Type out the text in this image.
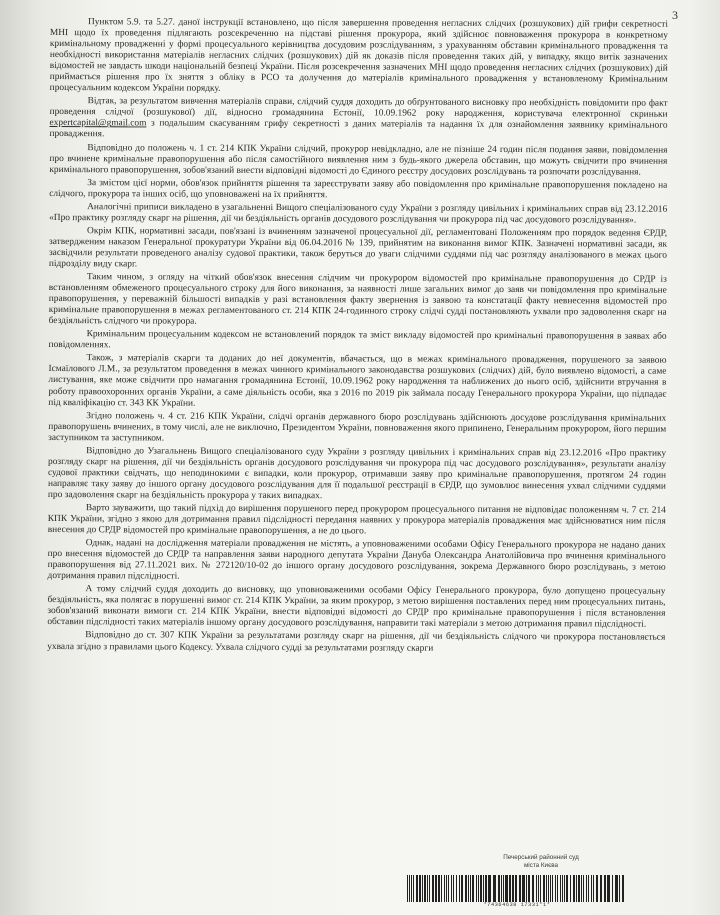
3

Пунктом 5.9. та 5.27. даної інструкції встановлено, що після завершення проведення негласних слідчих (розшукових) дій грифи секретності МНІ щодо їх проведення підлягають розсекреченню на підставі рішення прокурора, який здійснює повноваження прокурора в конкретному кримінальному провадженні у формі процесуального керівництва досудовим розслідуванням, з урахуванням обставин кримінального провадження та необхідності використання матеріалів негласних слідчих (розшукових) дій як доказів після проведення таких дій, у випадку, якщо витік зазначених відомостей не завдасть шкоди національній безпеці України. Після розсекречення зазначених МНІ щодо проведення негласних слідчих (розшукових) дій приймається рішення про їх зняття з обліку в РСО та долучення до матеріалів кримінального провадження у встановленому Кримінальним процесуальним кодексом України порядку.

Відтак, за результатом вивчення матеріалів справи, слідчий суддя доходить до обґрунтованого висновку про необхідність повідомити про факт проведення слідчої (розшукової) дії, відносно громадянина Естонії, 10.09.1962 року народження, користувача електронної скриньки expertcapital@gmail.com з подальшим скасуванням грифу секретності з даних матеріалів та надання їх для ознайомлення заявнику кримінального провадження.

Відповідно до положень ч. 1 ст. 214 КПК України слідчий, прокурор невідкладно, але не пізніше 24 годин після подання заяви, повідомлення про вчинене кримінальне правопорушення або після самостійного виявлення ним з будь-якого джерела обставин, що можуть свідчити про вчинення кримінального правопорушення, зобов'язаний внести відповідні відомості до Єдиного реєстру досудових розслідувань та розпочати розслідування.

За змістом цієї норми, обов'язок прийняття рішення та зареєструвати заяву або повідомлення про кримінальне правопорушення покладено на слідчого, прокурора та інших осіб, що уповноважені на їх прийняття.

Аналогічні приписи викладено в узагальненні Вищого спеціалізованого суду України з розгляду цивільних і кримінальних справ від 23.12.2016 «Про практику розгляду скарг на рішення, дії чи бездіяльність органів досудового розслідування чи прокурора під час досудового розслідування».

Окрім КПК, нормативні засади, пов'язані із вчиненням зазначеної процесуальної дії, регламентовані Положенням про порядок ведення ЄРДР, затвердженим наказом Генеральної прокуратури України від 06.04.2016 № 139, прийнятим на виконання вимог КПК. Зазначені нормативні засади, як засвідчили результати проведеного аналізу судової практики, також беруться до уваги слідчими суддями під час розгляду аналізованого в межах цього підрозділу виду скарг.

Таким чином, з огляду на чіткий обов'язок внесення слідчим чи прокурором відомостей про кримінальне правопорушення до СРДР із встановленням обмеженого процесуального строку для його виконання, за наявності лише загальних вимог до заяв чи повідомлення про кримінальне правопорушення, у переважній більшості випадків у разі встановлення факту звернення із заявою та констатації факту невнесення відомостей про кримінальне правопорушення в межах регламентованого ст. 214 КПК 24-годинного строку слідчі судді постановляють ухвали про задоволення скарг на бездіяльність слідчого чи прокурора.

Кримінальним процесуальним кодексом не встановлений порядок та зміст викладу відомостей про кримінальні правопорушення в заявах або повідомленнях.

Також, з матеріалів скарги та доданих до неї документів, вбачається, що в межах кримінального провадження, порушеного за заявою Ісмаїлового Л.М., за результатом проведення в межах чинного кримінального законодавства розшукових (слідчих) дій, було виявлено відомості, а саме листування, яке може свідчити про намагання громадянина Естонії, 10.09.1962 року народження та наближених до нього осіб, здійснити втручання в роботу правоохоронних органів України, а саме діяльність особи, яка з 2016 по 2019 рік займала посаду Генерального прокурора України, що підпадає під кваліфікацію ст. 343 КК України.

Згідно положень ч. 4 ст. 216 КПК України, слідчі органів державного бюро розслідувань здійснюють досудове розслідування кримінальних правопорушень вчинених, в тому числі, але не виключно, Президентом України, повноваження якого припинено, Генеральним прокурором, його першим заступником та заступником.

Відповідно до Узагальнень Вищого спеціалізованого суду України з розгляду цивільних і кримінальних справ від 23.12.2016 «Про практику розгляду скарг на рішення, дії чи бездіяльність органів досудового розслідування чи прокурора під час досудового розслідування», результати аналізу судової практики свідчать, що неподинокими є випадки, коли прокурор, отримавши заяву про кримінальне правопорушення, протягом 24 годин направляє таку заяву до іншого органу досудового розслідування для її подальшої реєстрації в ЄРДР, що зумовлює винесення ухвал слідчими суддями про задоволення скарг на бездіяльність прокурора у таких випадках.

Варто зауважити, що такий підхід до вирішення порушеного перед прокурором процесуального питання не відповідає положенням ч. 7 ст. 214 КПК України, згідно з якою для дотримання правил підслідності передання наявних у прокурора матеріалів провадження має здійснюватися ним після внесення до СРДР відомостей про кримінальне правопорушення, а не до цього.

Однак, надані на дослідження матеріали провадження не містять, а уповноваженими особами Офісу Генерального прокурора не надано даних про внесення відомостей до СРДР та направлення заяви народного депутата України Дануба Олександра Анатолійовича про вчинення кримінального правопорушення від 27.11.2021 вих. № 272120/10-02 до іншого органу досудового розслідування, зокрема Державного бюро розслідувань, з метою дотримання правил підслідності.

А тому слідчий суддя доходить до висновку, що уповноваженими особами Офісу Генерального прокурора, було допущено процесуальну бездіяльність, яка полягає в порушенні вимог ст. 214 КПК України, за яким прокурор, з метою вирішення поставлених перед ним процесуальних питань, зобов'язаний виконати вимоги ст. 214 КПК України, внести відповідні відомості до СРДР про кримінальне правопорушення і після встановлення обставин підслідності таких матеріалів іншому органу досудового розслідування, направити такі матеріали з метою дотримання правил підслідності.

Відповідно до ст. 307 КПК України за результатами розгляду скарг на рішення, дії чи бездіяльність слідчого чи прокурора постановляється ухвала згідно з правилами цього Кодексу. Ухвала слідчого судді за результатами розгляду скарги

Печерський районний суд
міста Києва
*74364638 17331*1*
